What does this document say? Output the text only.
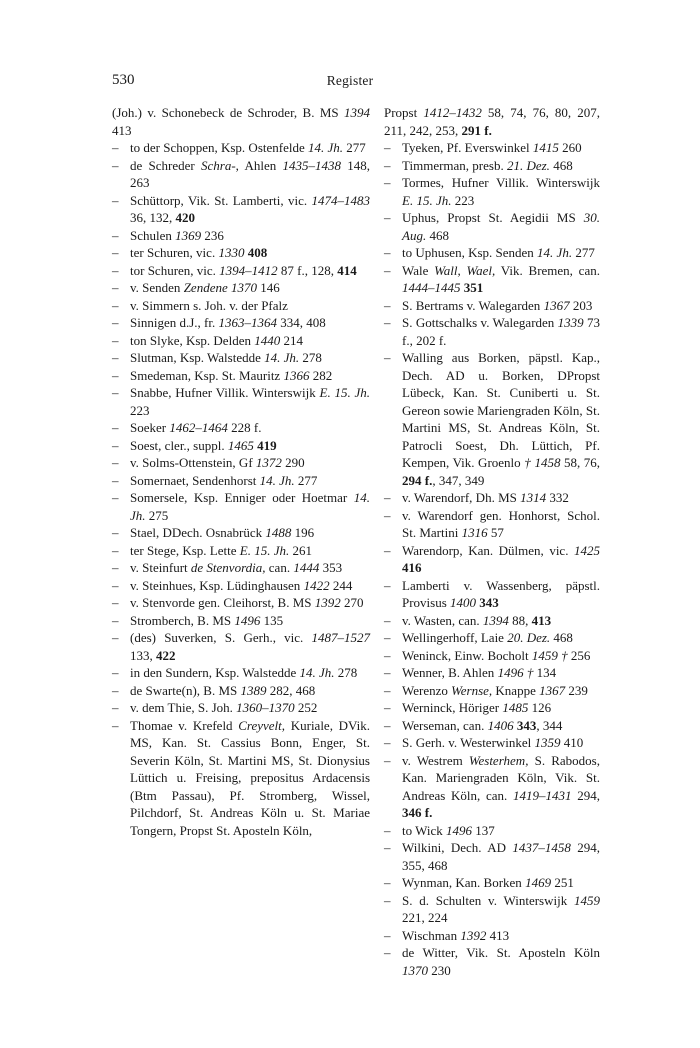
530	Register
(Joh.) v. Schonebeck de Schroder, B. MS 1394 413
– to der Schoppen, Ksp. Ostenfelde 14. Jh. 277
– de Schreder Schra-, Ahlen 1435–1438 148, 263
– Schüttorp, Vik. St. Lamberti, vic. 1474–1483 36, 132, 420
– Schulen 1369 236
– ter Schuren, vic. 1330 408
– tor Schuren, vic. 1394–1412 87 f., 128, 414
– v. Senden Zendene 1370 146
– v. Simmern s. Joh. v. der Pfalz
– Sinnigen d.J., fr. 1363–1364 334, 408
– ton Slyke, Ksp. Delden 1440 214
– Slutman, Ksp. Walstedde 14. Jh. 278
– Smedeman, Ksp. St. Mauritz 1366 282
– Snabbe, Hufner Villik. Winterswijk E. 15. Jh. 223
– Soeker 1462–1464 228 f.
– Soest, cler., suppl. 1465 419
– v. Solms-Ottenstein, Gf 1372 290
– Somernaet, Sendenhorst 14. Jh. 277
– Somersele, Ksp. Enniger oder Hoetmar 14. Jh. 275
– Stael, DDech. Osnabrück 1488 196
– ter Stege, Ksp. Lette E. 15. Jh. 261
– v. Steinfurt de Stenvordia, can. 1444 353
– v. Steinhues, Ksp. Lüdinghausen 1422 244
– v. Stenvorde gen. Cleihorst, B. MS 1392 270
– Stromberch, B. MS 1496 135
– (des) Suverken, S. Gerh., vic. 1487–1527 133, 422
– in den Sundern, Ksp. Walstedde 14. Jh. 278
– de Swarte(n), B. MS 1389 282, 468
– v. dem Thie, S. Joh. 1360–1370 252
– Thomae v. Krefeld Creyvelt, Kuriale, DVik. MS, Kan. St. Cassius Bonn, Enger, St. Severin Köln, St. Martini MS, St. Dionysius Lüttich u. Freising, prepositus Ardacensis (Btm Passau), Pf. Stromberg, Wissel, Pilchdorf, St. Andreas Köln u. St. Mariae Tongern, Propst St. Aposteln Köln,
Propst 1412–1432 58, 74, 76, 80, 207, 211, 242, 253, 291 f.
– Tyeken, Pf. Everswinkel 1415 260
– Timmerman, presb. 21. Dez. 468
– Tormes, Hufner Villik. Winterswijk E. 15. Jh. 223
– Uphus, Propst St. Aegidii MS 30. Aug. 468
– to Uphusen, Ksp. Senden 14. Jh. 277
– Wale Wall, Wael, Vik. Bremen, can. 1444–1445 351
– S. Bertrams v. Walegarden 1367 203
– S. Gottschalks v. Walegarden 1339 73 f., 202 f.
– Walling aus Borken, päpstl. Kap., Dech. AD u. Borken, DPropst Lübeck, Kan. St. Cuniberti u. St. Gereon sowie Mariengraden Köln, St. Martini MS, St. Andreas Köln, St. Patrocli Soest, Dh. Lüttich, Pf. Kempen, Vik. Groenlo † 1458 58, 76, 294 f., 347, 349
– v. Warendorf, Dh. MS 1314 332
– v. Warendorf gen. Honhorst, Schol. St. Martini 1316 57
– Warendorp, Kan. Dülmen, vic. 1425 416
– Lamberti v. Wassenberg, päpstl. Provisus 1400 343
– v. Wasten, can. 1394 88, 413
– Wellingerhoff, Laie 20. Dez. 468
– Weninck, Einw. Bocholt 1459 † 256
– Wenner, B. Ahlen 1496 † 134
– Werenzo Wernse, Knappe 1367 239
– Werninck, Höriger 1485 126
– Werseman, can. 1406 343, 344
– S. Gerh. v. Westerwinkel 1359 410
– v. Westrem Westerhem, S. Rabodos, Kan. Mariengraden Köln, Vik. St. Andreas Köln, can. 1419–1431 294, 346 f.
– to Wick 1496 137
– Wilkini, Dech. AD 1437–1458 294, 355, 468
– Wynman, Kan. Borken 1469 251
– S. d. Schulten v. Winterswijk 1459 221, 224
– Wischman 1392 413
– de Witter, Vik. St. Aposteln Köln 1370 230
